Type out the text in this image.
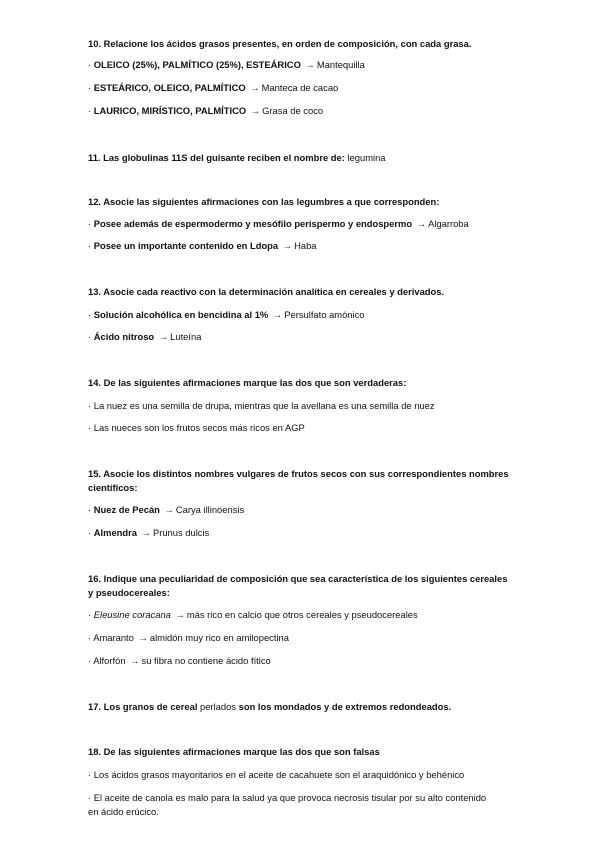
10. Relacione los ácidos grasos presentes, en orden de composición, con cada grasa.
· OLEICO (25%), PALMÍTICO (25%), ESTEÁRICO → Mantequilla
· ESTEÁRICO, OLEICO, PALMÍTICO → Manteca de cacao
· LAURICO, MIRÍSTICO, PALMÍTICO → Grasa de coco
11. Las globulinas 11S del guisante reciben el nombre de: legumina
12. Asocie las siguientes afirmaciones con las legumbres a que corresponden:
· Posee además de espermodermo y mesófilo perispermo y endospermo → Algarroba
· Posee un importante contenido en Ldopa → Haba
13. Asocie cada reactivo con la determinación analítica en cereales y derivados.
· Solución alcohólica en bencidina al 1% → Persulfato amónico
· Ácido nitroso → Luteína
14. De las siguientes afirmaciones marque las dos que son verdaderas:
· La nuez es una semilla de drupa, mientras que la avellana es una semilla de nuez
· Las nueces son los frutos secos más ricos en AGP
15. Asocie los distintos nombres vulgares de frutos secos con sus correspondientes nombres
científicos:
· Nuez de Pecán → Carya illinoensis
· Almendra → Prunus dulcis
16. Indique una peculiaridad de composición que sea característica de los siguientes cereales
y pseudocereales:
· Eleusine coracana → más rico en calcio que otros cereales y pseudocereales
· Amaranto → almidón muy rico en amilopectina
· Alforfón → su fibra no contiene ácido fítico
17. Los granos de cereal perlados son los mondados y de extremos redondeados.
18. De las siguientes afirmaciones marque las dos que son falsas
· Los ácidos grasos mayoritarios en el aceite de cacahuete son el araquidónico y behénico
· El aceite de canola es malo para la salud ya que provoca necrosis tisular por su alto contenido
en ácido erúcico.
